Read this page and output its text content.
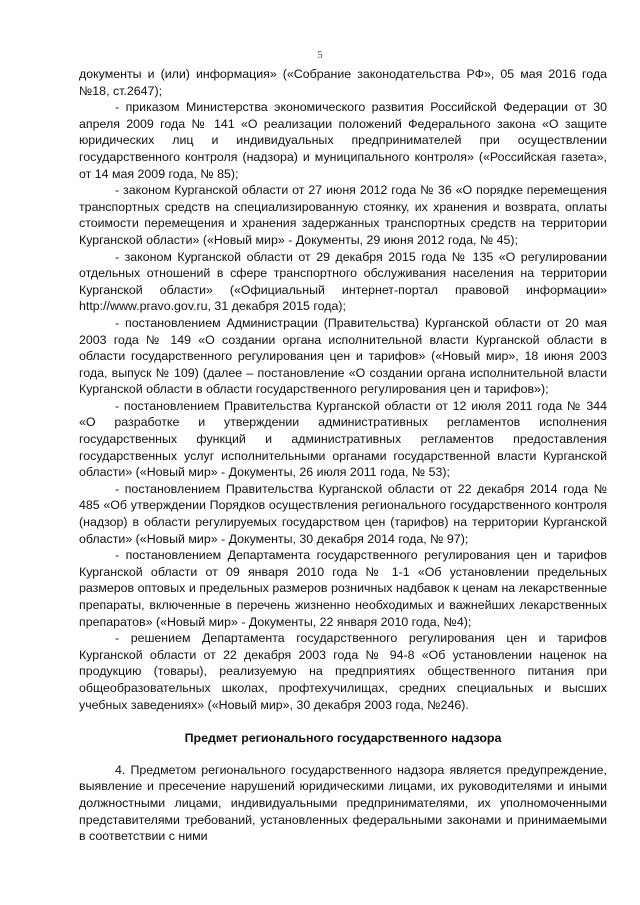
5

документы и (или) информация» («Собрание законодательства РФ», 05 мая 2016 года №18, ст.2647);

- приказом Министерства экономического развития Российской Федерации от 30 апреля 2009 года № 141 «О реализации положений Федерального закона «О защите юридических лиц и индивидуальных предпринимателей при осуществлении государственного контроля (надзора) и муниципального контроля» («Российская газета», от 14 мая 2009 года, № 85);

- законом Курганской области от 27 июня 2012 года № 36 «О порядке перемещения транспортных средств на специализированную стоянку, их хранения и возврата, оплаты стоимости перемещения и хранения задержанных транспортных средств на территории Курганской области» («Новый мир» - Документы, 29 июня 2012 года, № 45);

- законом Курганской области от 29 декабря 2015 года № 135 «О регулировании отдельных отношений в сфере транспортного обслуживания населения на территории Курганской области» («Официальный интернет-портал правовой информации» http://www.pravo.gov.ru, 31 декабря 2015 года);

- постановлением Администрации (Правительства) Курганской области от 20 мая 2003 года № 149 «О создании органа исполнительной власти Курганской области в области государственного регулирования цен и тарифов» («Новый мир», 18 июня 2003 года, выпуск № 109) (далее – постановление «О создании органа исполнительной власти Курганской области в области государственного регулирования цен и тарифов»);

- постановлением Правительства Курганской области от 12 июля 2011 года № 344 «О разработке и утверждении административных регламентов исполнения государственных функций и административных регламентов предоставления государственных услуг исполнительными органами государственной власти Курганской области» («Новый мир» - Документы, 26 июля 2011 года, № 53);

- постановлением Правительства Курганской области от 22 декабря 2014 года № 485 «Об утверждении Порядков осуществления регионального государственного контроля (надзор) в области регулируемых государством цен (тарифов) на территории Курганской области» («Новый мир» - Документы, 30 декабря 2014 года, № 97);

- постановлением Департамента государственного регулирования цен и тарифов Курганской области от 09 января 2010 года № 1-1 «Об установлении предельных размеров оптовых и предельных размеров розничных надбавок к ценам на лекарственные препараты, включенные в перечень жизненно необходимых и важнейших лекарственных препаратов» («Новый мир» - Документы, 22 января 2010 года, №4);

- решением Департамента государственного регулирования цен и тарифов Курганской области от 22 декабря 2003 года № 94-8 «Об установлении наценок на продукцию (товары), реализуемую на предприятиях общественного питания при общеобразовательных школах, профтехучилищах, средних специальных и высших учебных заведениях» («Новый мир», 30 декабря 2003 года, №246).

Предмет регионального государственного надзора

4. Предметом регионального государственного надзора является предупреждение, выявление и пресечение нарушений юридическими лицами, их руководителями и иными должностными лицами, индивидуальными предпринимателями, их уполномоченными представителями требований, установленных федеральными законами и принимаемыми в соответствии с ними
